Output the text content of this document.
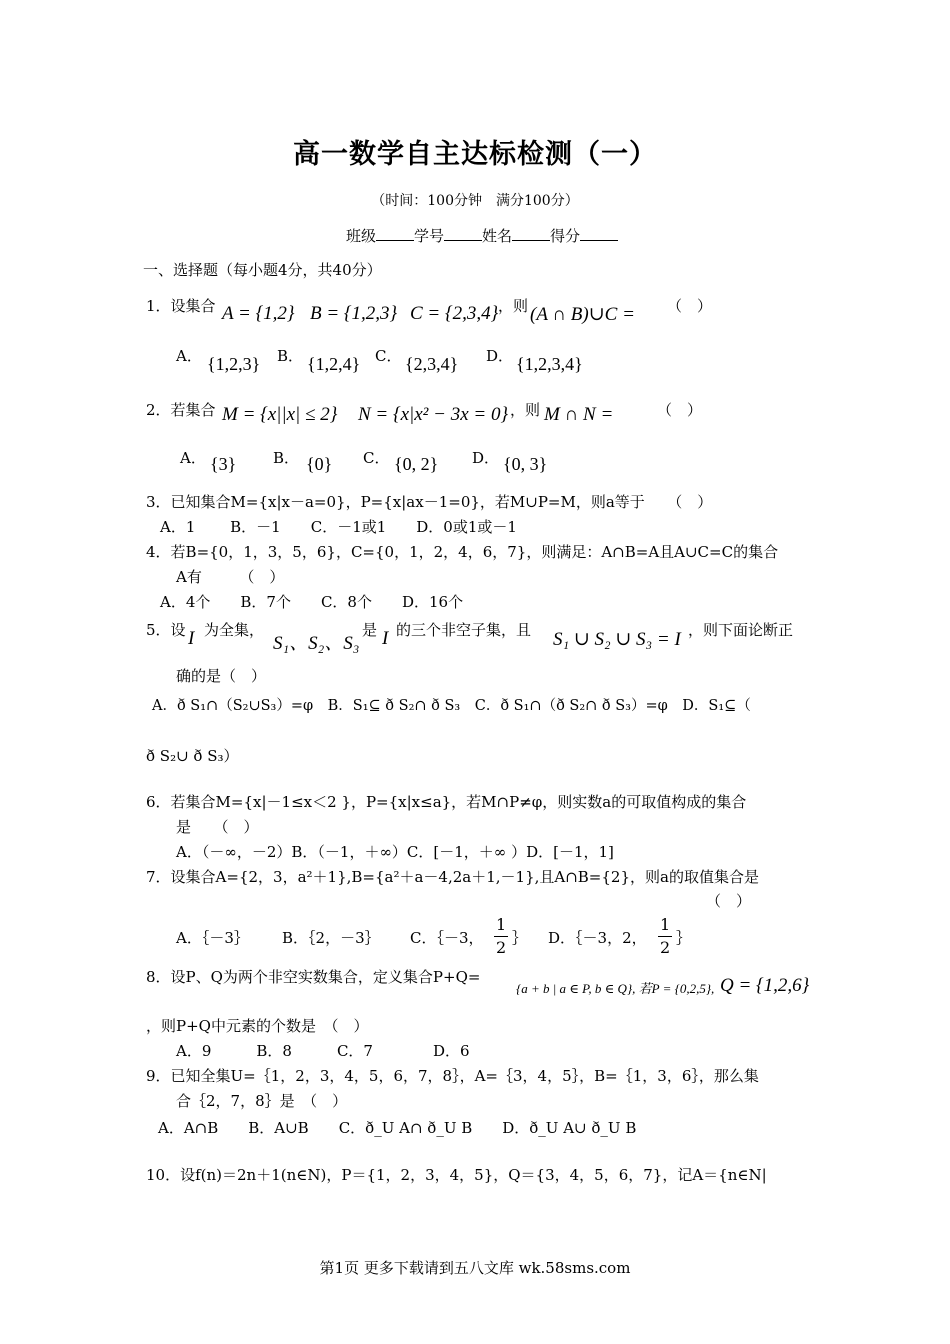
高一数学自主达标检测（一）
（时间：100分钟　满分100分）
班级	学号	姓名	得分
一、选择题（每小题4分，共40分）
1．设集合 A = {1,2} B = {1,2,3} C = {2,3,4} ，则 (A ∩ B)∪C = （　）
A． {1,2,3} B． {1,2,4} C． {2,3,4} D． {1,2,3,4}
2．若集合 M = {x||x| ≤ 2} N = {x|x² − 3x = 0} ，则 M ∩ N =	（　）
A． {3} B． {0} C． {0, 2} D． {0, 3}
3．已知集合M={x|x－a=0}，P={x|ax－1=0}，若M∪P=M，则a等于　　（　）
A．1　　 B．－1　　C．－1或1　　D．0或1或－1
4．若B={0，1，3，5，6}，C={0，1，2，4，6，7}，则满足：A∩B=A且A∪C=C的集合
A有　　　（　）
A．4个　　B．7个　　C．8个　　D．16个
5．设 I 为全集，
S₁、S₂、S₃
是 I 的三个非空子集，且 S₁ ∪ S₂ ∪ S₃ = I ，则下面论断正
确的是（　）
A．ð S₁∩（S₂∪S₃）=φ　B．S₁⊆ ð S₂∩ ð S₃　C．ð S₁∩（ð S₂∩ ð S₃）=φ　D．S₁⊆（
ð S₂∪ ð S₃）
6．若集合M={x|－1≤x＜2 }，P={x|x≤a}，若M∩P≠φ，则实数a的可取值构成的集合
是　　（　）
A．（－∞，－2）B．（－1，＋∞）C．[－1，＋∞ ）D．[－1，1]
7．设集合A={2，3，a²＋1},B={a²＋a－4,2a＋1,－1},且A∩B={2}，则a的取值集合是
（　）
A．｛－3｝ B．｛2，－3｝ C．｛－3， $\frac{1}{2}$ ｝ D．｛－3，2， $\frac{1}{2}$ ｝
8．设P、Q为两个非空实数集合，定义集合P+Q=
{a + b | a ∈ P, b ∈ Q}, 若P = {0,2,5}, Q = {1,2,6}
，则P+Q中元素的个数是　（　）
A．9　　　B．8　　　C．7　　　　D．6
9．已知全集U=｛1，2，3，4，5，6，7，8｝，A=｛3，4，5｝，B=｛1，3，6｝，那么集
合｛2，7，8｝是　（　）
A．A∩B　　B．A∪B　　C．ð_U A∩ ð_U B　　D．ð_U A∪ ð_U B
10．设f(n)＝2n＋1(n∈N)，P＝{1，2，3，4，5}，Q＝{3，4，5，6，7}，记A＝{n∈N|
第1页 更多下载请到五八文库 wk.58sms.com
